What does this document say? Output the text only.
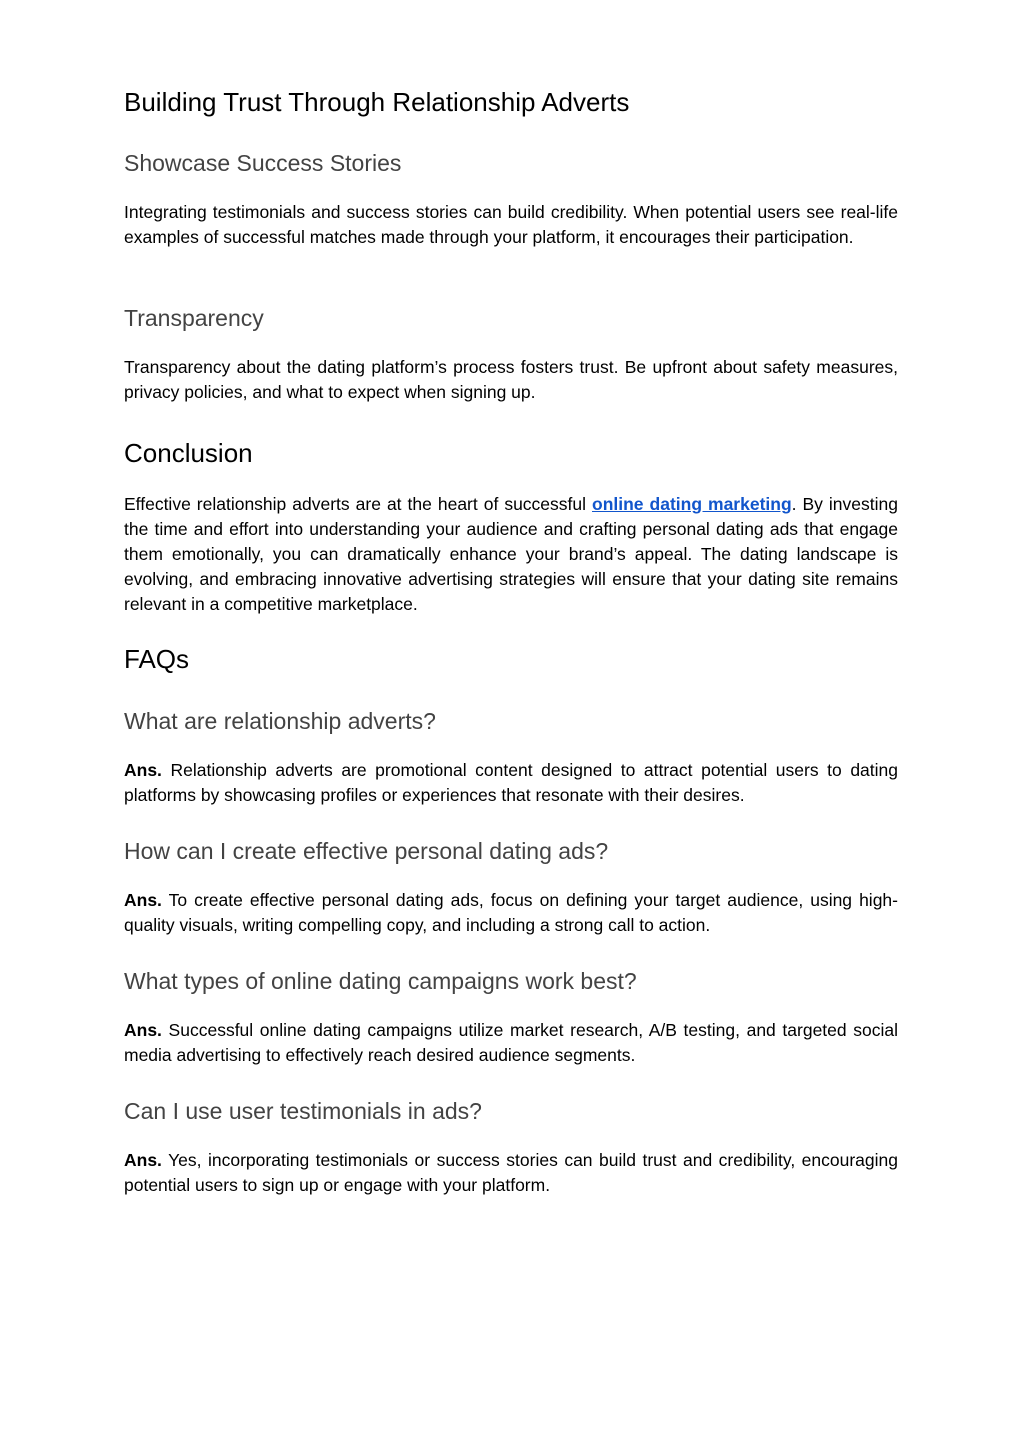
Building Trust Through Relationship Adverts
Showcase Success Stories

Integrating testimonials and success stories can build credibility. When potential users see real-life examples of successful matches made through your platform, it encourages their participation.

Transparency

Transparency about the dating platform’s process fosters trust. Be upfront about safety measures, privacy policies, and what to expect when signing up.

Conclusion

Effective relationship adverts are at the heart of successful online dating marketing. By investing the time and effort into understanding your audience and crafting personal dating ads that engage them emotionally, you can dramatically enhance your brand’s appeal. The dating landscape is evolving, and embracing innovative advertising strategies will ensure that your dating site remains relevant in a competitive marketplace.

FAQs
What are relationship adverts?

Ans. Relationship adverts are promotional content designed to attract potential users to dating platforms by showcasing profiles or experiences that resonate with their desires.

How can I create effective personal dating ads?

Ans. To create effective personal dating ads, focus on defining your target audience, using high-quality visuals, writing compelling copy, and including a strong call to action.

What types of online dating campaigns work best?

Ans. Successful online dating campaigns utilize market research, A/B testing, and targeted social media advertising to effectively reach desired audience segments.

Can I use user testimonials in ads?

Ans. Yes, incorporating testimonials or success stories can build trust and credibility, encouraging potential users to sign up or engage with your platform.
